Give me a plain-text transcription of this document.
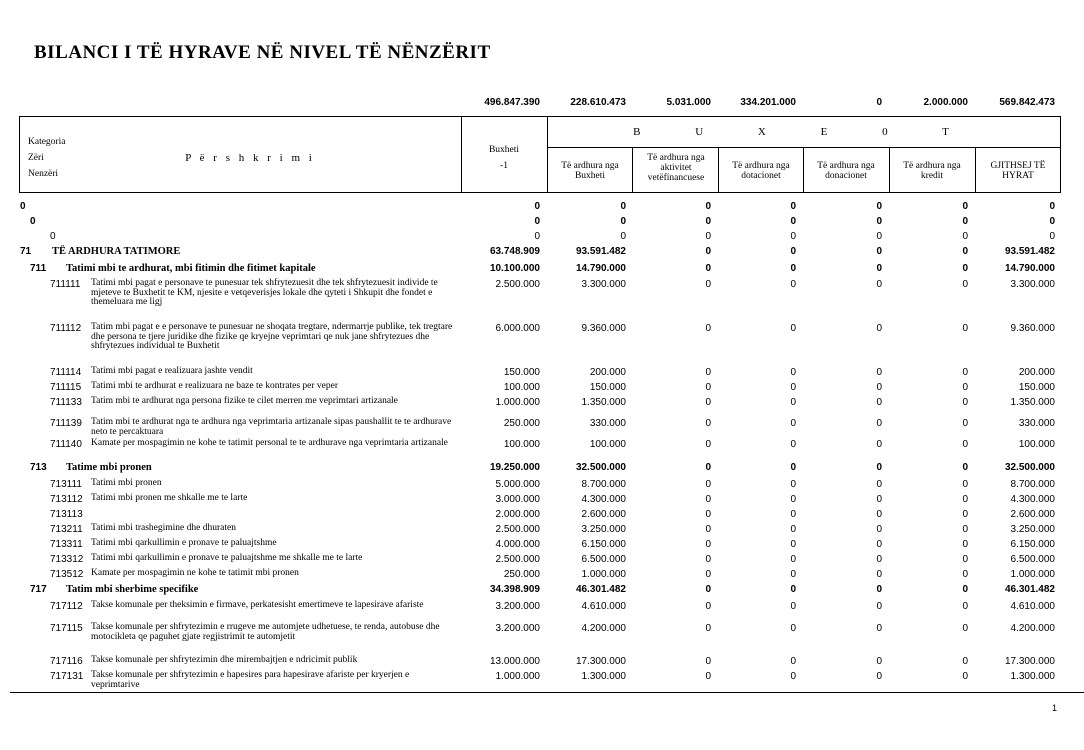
BILANCI I TË HYRAVE NË NIVEL TË NËNZËRIT
496.847.390	228.610.473	5.031.000	334.201.000	0	2.000.000	569.842.473
Kategoria
Zëri
Nenzëri
P ë r s h k r i m i
Buxheti
-1
B U X E 0 T
Të ardhura nga Buxheti
Të ardhura nga aktivitet vetëfinancuese
Të ardhura nga dotacionet
Të ardhura nga donacionet
Të ardhura nga kredit
GJITHSEJ TË HYRAT
0	0	0	0	0	0	0	0
0	0	0	0	0	0	0	0
0	0	0	0	0	0	0	0
71 TË ARDHURA TATIMORE	63.748.909	93.591.482	0	0	0	0	93.591.482
711 Tatimi mbi te ardhurat, mbi fitimin dhe fitimet kapitale	10.100.000	14.790.000	0	0	0	0	14.790.000
711111 Tatimi mbi pagat e personave te punesuar tek shfrytezuesit dhe tek shfrytezuesit individe te mjeteve te Buxhetit te KM, njesite e vetqeverisjes lokale dhe qyteti i Shkupit dhe fondet e themeluara me ligj
2.500.000	3.300.000	0	0	0	0	3.300.000
711112 Tatim mbi pagat e e personave te punesuar ne shoqata tregtare, ndermarrje publike, tek tregtare dhe persona te tjere juridike dhe fizike qe kryejne veprimtari qe nuk jane shfrytezues dhe shfrytezues individual te Buxhetit
6.000.000	9.360.000	0	0	0	0	9.360.000
711114 Tatimi mbi pagat e realizuara jashte vendit	150.000	200.000	0	0	0	0	200.000
711115 Tatimi mbi te ardhurat e realizuara ne baze te kontrates per veper	100.000	150.000	0	0	0	0	150.000
711133 Tatim mbi te ardhurat nga persona fizike te cilet merren me veprimtari artizanale	1.000.000	1.350.000	0	0	0	0	1.350.000
711139 Tatim mbi te ardhurat nga te ardhura nga veprimtaria artizanale sipas paushallit te te ardhurave neto te percaktuara
250.000	330.000	0	0	0	0	330.000
711140 Kamate per mospagimin ne kohe te tatimit personal te te ardhurave nga veprimtaria artizanale	100.000	100.000	0	0	0	0	100.000
713 Tatime mbi pronen	19.250.000	32.500.000	0	0	0	0	32.500.000
713111 Tatimi mbi pronen	5.000.000	8.700.000	0	0	0	0	8.700.000
713112 Tatimi mbi pronen me shkalle me te larte	3.000.000	4.300.000	0	0	0	0	4.300.000
713113	2.000.000	2.600.000	0	0	0	0	2.600.000
713211 Tatimi mbi trashegimine dhe dhuraten	2.500.000	3.250.000	0	0	0	0	3.250.000
713311 Tatimi mbi qarkullimin e pronave te paluajtshme	4.000.000	6.150.000	0	0	0	0	6.150.000
713312 Tatimi mbi qarkullimin e pronave te paluajtshme me shkalle me te larte	2.500.000	6.500.000	0	0	0	0	6.500.000
713512 Kamate per mospagimin ne kohe te tatimit mbi pronen	250.000	1.000.000	0	0	0	0	1.000.000
717 Tatim mbi sherbime specifike	34.398.909	46.301.482	0	0	0	0	46.301.482
717112 Takse komunale per theksimin e firmave, perkatesisht emertimeve te lapesirave afariste	3.200.000	4.610.000	0	0	0	0	4.610.000
717115 Takse komunale per shfrytezimin e rrugeve me automjete udhetuese, te renda, autobuse dhe motocikleta qe paguhet gjate regjistrimit te automjetit
3.200.000	4.200.000	0	0	0	0	4.200.000
717116 Takse komunale per shfrytezimin dhe mirembajtjen e ndricimit publik	13.000.000	17.300.000	0	0	0	0	17.300.000
717131 Takse komunale per shfrytezimin e hapesires para hapesirave afariste per kryerjen e veprimtarive
1.000.000	1.300.000	0	0	0	0	1.300.000
1
